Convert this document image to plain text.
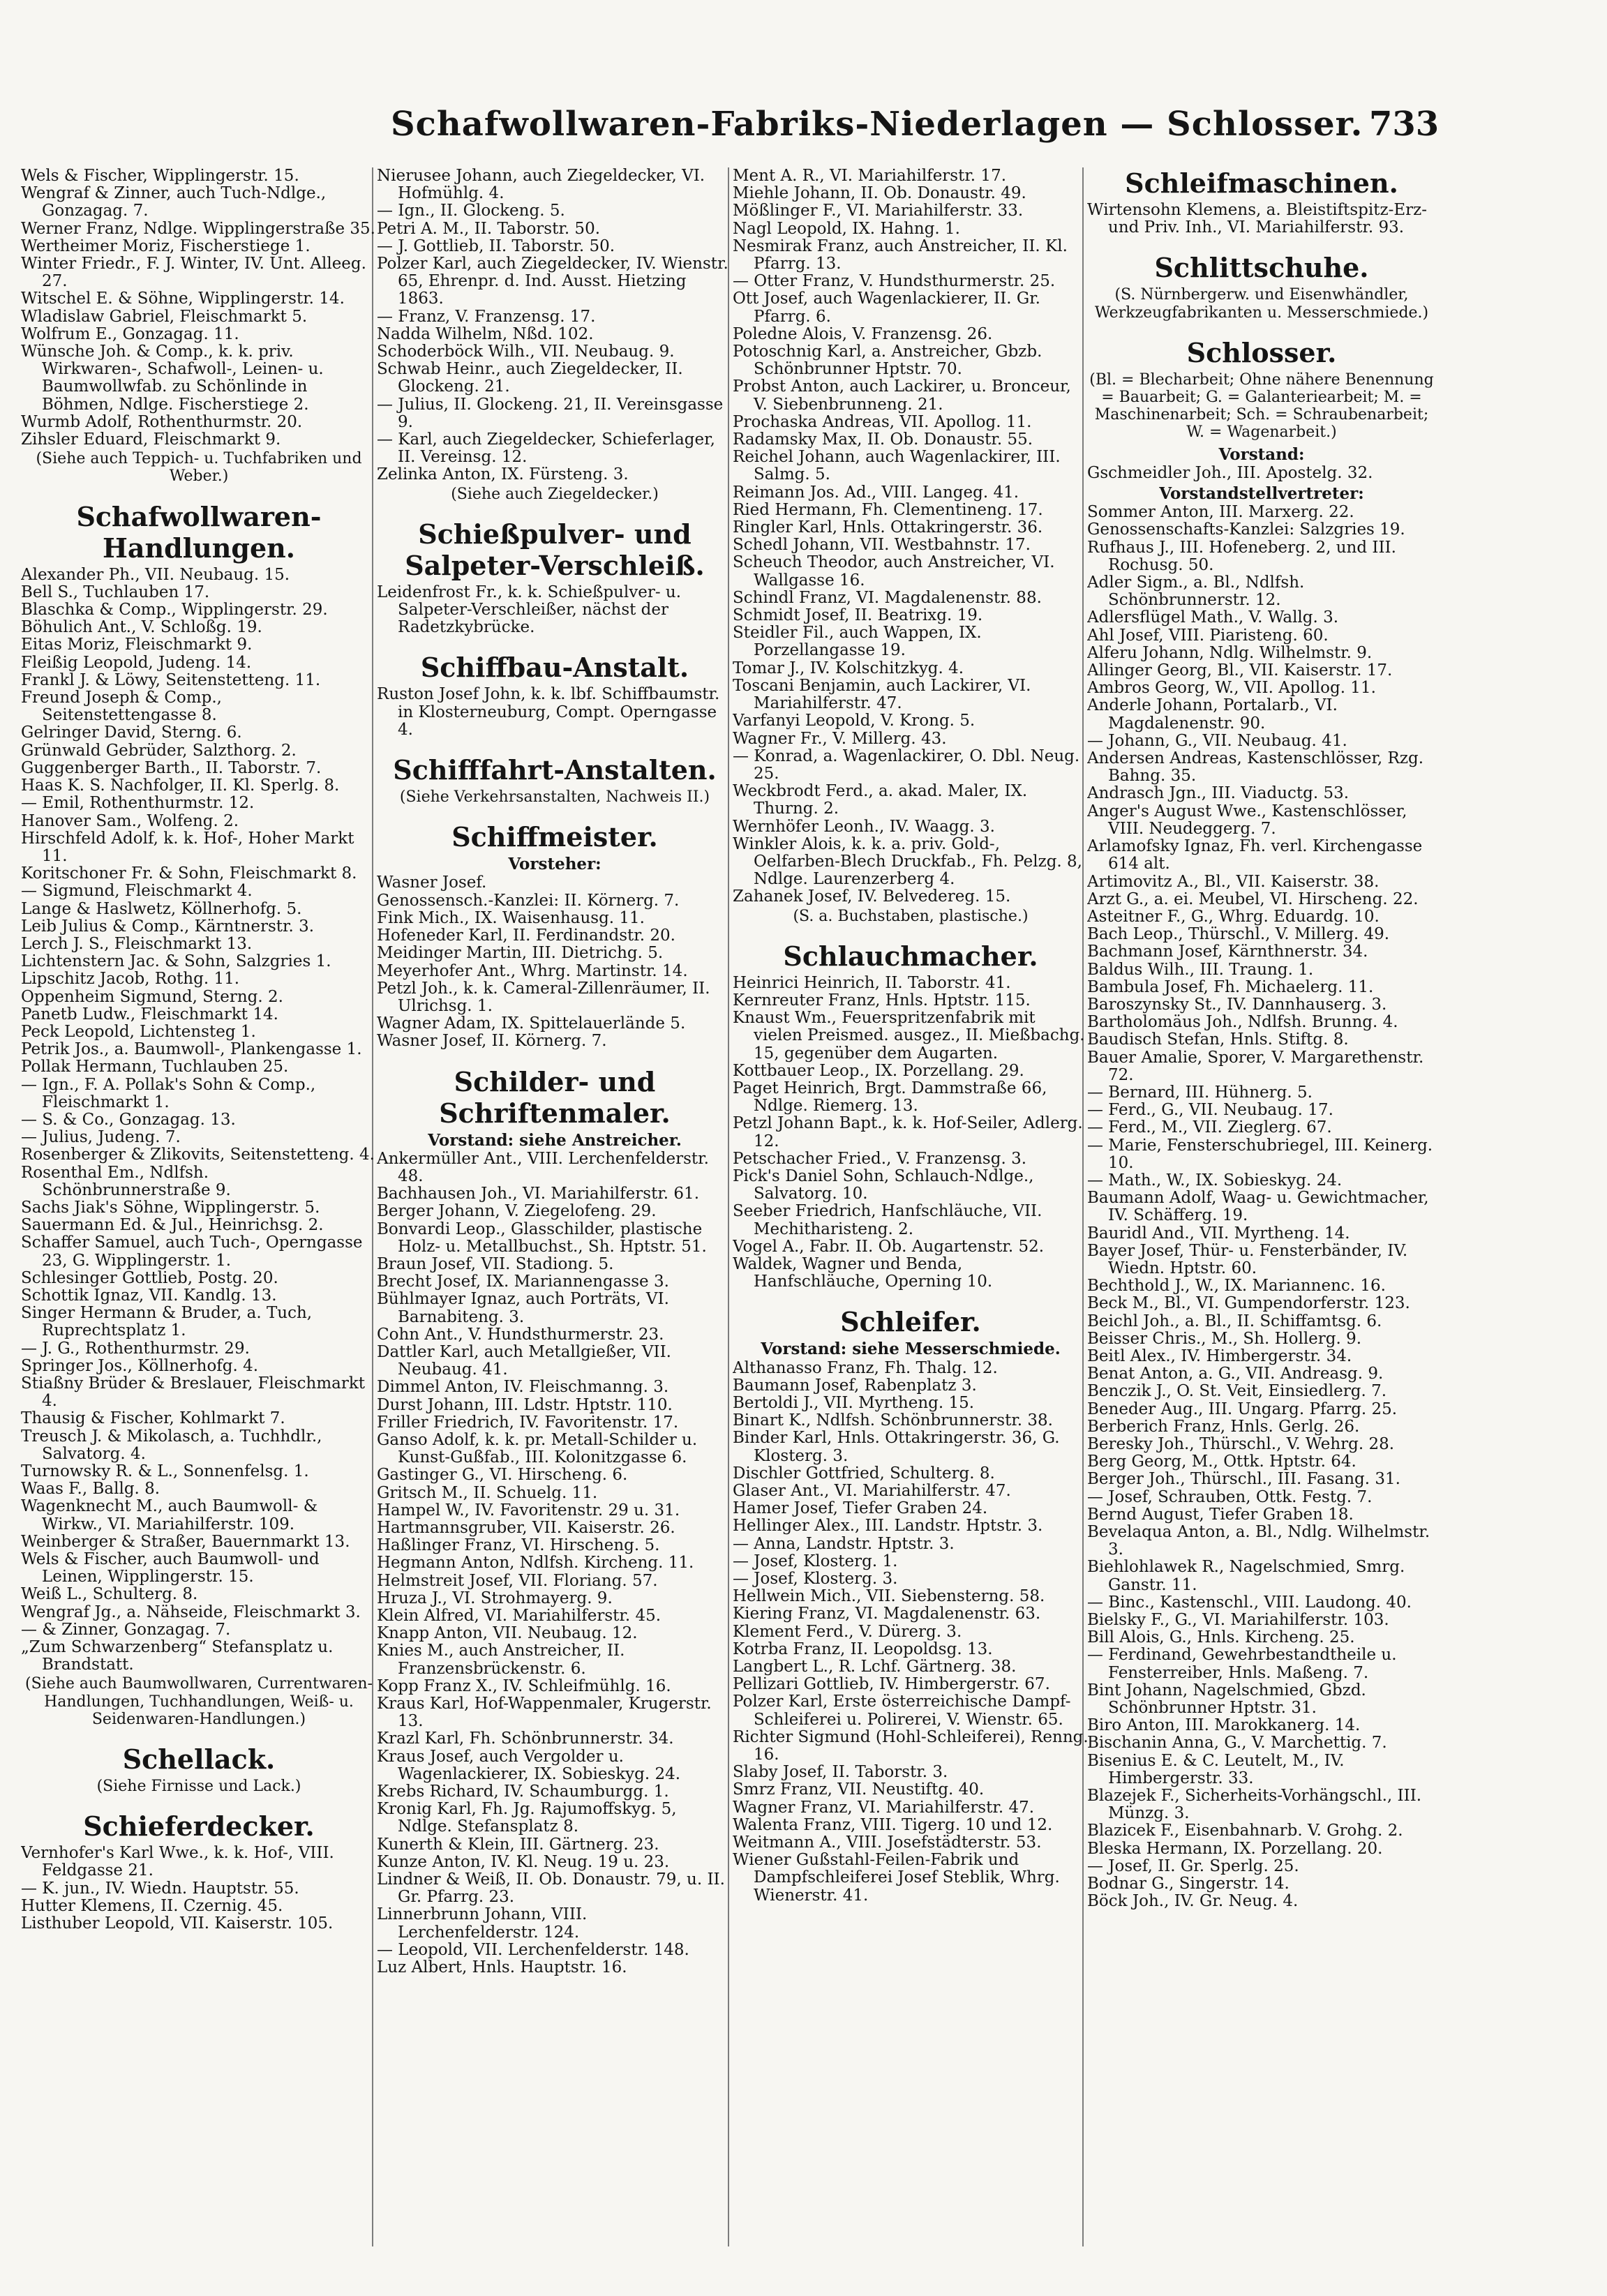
Schafwollwaren-Fabriks-Niederlagen — Schlosser. 733

Wels & Fischer, Wipplingerstr. 15.

Wengraf & Zinner, auch Tuch-Ndlge., Gonzagag. 7.

Werner Franz, Ndlge. Wipplingerstraße 35.

Wertheimer Moriz, Fischerstiege 1.

Winter Friedr., F. J. Winter, IV. Unt. Alleeg. 27.

Witschel E. & Söhne, Wipplingerstr. 14.

Wladislaw Gabriel, Fleischmarkt 5.

Wolfrum E., Gonzagag. 11.

Wünsche Joh. & Comp., k. k. priv. Wirkwaren-, Schafwoll-, Leinen- u. Baumwollwfab. zu Schönlinde in Böhmen, Ndlge. Fischerstiege 2.

Wurmb Adolf, Rothenthurmstr. 20.

Zihsler Eduard, Fleischmarkt 9.

(Siehe auch Teppich- u. Tuchfabriken und Weber.)
Schafwollwaren-Handlungen.

Alexander Ph., VII. Neubaug. 15.

Bell S., Tuchlauben 17.

Blaschka & Comp., Wipplingerstr. 29.

Böhulich Ant., V. Schloßg. 19.

Eitas Moriz, Fleischmarkt 9.

Fleißig Leopold, Judeng. 14.

Frankl J. & Löwy, Seitenstetteng. 11.

Freund Joseph & Comp., Seitenstettengasse 8.

Gelringer David, Sterng. 6.

Grünwald Gebrüder, Salzthorg. 2.

Guggenberger Barth., II. Taborstr. 7.

Haas K. S. Nachfolger, II. Kl. Sperlg. 8.

— Emil, Rothenthurmstr. 12.

Hanover Sam., Wolfeng. 2.

Hirschfeld Adolf, k. k. Hof-, Hoher Markt 11.

Koritschoner Fr. & Sohn, Fleischmarkt 8.

— Sigmund, Fleischmarkt 4.

Lange & Haslwetz, Köllnerhofg. 5.

Leib Julius & Comp., Kärntnerstr. 3.

Lerch J. S., Fleischmarkt 13.

Lichtenstern Jac. & Sohn, Salzgries 1.

Lipschitz Jacob, Rothg. 11.

Oppenheim Sigmund, Sterng. 2.

Panetb Ludw., Fleischmarkt 14.

Peck Leopold, Lichtensteg 1.

Petrik Jos., a. Baumwoll-, Plankengasse 1.

Pollak Hermann, Tuchlauben 25.

— Ign., F. A. Pollak's Sohn & Comp., Fleischmarkt 1.

— S. & Co., Gonzagag. 13.

— Julius, Judeng. 7.

Rosenberger & Zlikovits, Seitenstetteng. 4.

Rosenthal Em., Ndlfsh. Schönbrunnerstraße 9.

Sachs Jiak's Söhne, Wipplingerstr. 5.

Sauermann Ed. & Jul., Heinrichsg. 2.

Schaffer Samuel, auch Tuch-, Operngasse 23, G. Wipplingerstr. 1.

Schlesinger Gottlieb, Postg. 20.

Schottik Ignaz, VII. Kandlg. 13.

Singer Hermann & Bruder, a. Tuch, Ruprechtsplatz 1.

— J. G., Rothenthurmstr. 29.

Springer Jos., Köllnerhofg. 4.

Stiaßny Brüder & Breslauer, Fleischmarkt 4.

Thausig & Fischer, Kohlmarkt 7.

Treusch J. & Mikolasch, a. Tuchhdlr., Salvatorg. 4.

Turnowsky R. & L., Sonnenfelsg. 1.

Waas F., Ballg. 8.

Wagenknecht M., auch Baumwoll- & Wirkw., VI. Mariahilferstr. 109.

Weinberger & Straßer, Bauernmarkt 13.

Wels & Fischer, auch Baumwoll- und Leinen, Wipplingerstr. 15.

Weiß L., Schulterg. 8.

Wengraf Jg., a. Nähseide, Fleischmarkt 3.

— & Zinner, Gonzagag. 7.

„Zum Schwarzenberg“ Stefansplatz u. Brandstatt.

(Siehe auch Baumwollwaren, Currentwaren-Handlungen, Tuchhandlungen, Weiß- u. Seidenwaren-Handlungen.)
Schellack.
(Siehe Firnisse und Lack.)
Schieferdecker.

Vernhofer's Karl Wwe., k. k. Hof-, VIII. Feldgasse 21.

— K. jun., IV. Wiedn. Hauptstr. 55.

Hutter Klemens, II. Czernig. 45.

Listhuber Leopold, VII. Kaiserstr. 105.

Nierusee Johann, auch Ziegeldecker, VI. Hofmühlg. 4.

— Ign., II. Glockeng. 5.

Petri A. M., II. Taborstr. 50.

— J. Gottlieb, II. Taborstr. 50.

Polzer Karl, auch Ziegeldecker, IV. Wienstr. 65, Ehrenpr. d. Ind. Ausst. Hietzing 1863.

— Franz, V. Franzensg. 17.

Nadda Wilhelm, Nßd. 102.

Schoderböck Wilh., VII. Neubaug. 9.

Schwab Heinr., auch Ziegeldecker, II. Glockeng. 21.

— Julius, II. Glockeng. 21, II. Vereinsgasse 9.

— Karl, auch Ziegeldecker, Schieferlager, II. Vereinsg. 12.

Zelinka Anton, IX. Fürsteng. 3.

(Siehe auch Ziegeldecker.)
Schießpulver- und Salpeter-Verschleiß.

Leidenfrost Fr., k. k. Schießpulver- u. Salpeter-Verschleißer, nächst der Radetzkybrücke.

Schiffbau-Anstalt.

Ruston Josef John, k. k. lbf. Schiffbaumstr. in Klosterneuburg, Compt. Operngasse 4.

Schifffahrt-Anstalten.
(Siehe Verkehrsanstalten, Nachweis II.)
Schiffmeister.
Vorsteher:

Wasner Josef.

Genossensch.-Kanzlei: II. Körnerg. 7.

Fink Mich., IX. Waisenhausg. 11.

Hofeneder Karl, II. Ferdinandstr. 20.

Meidinger Martin, III. Dietrichg. 5.

Meyerhofer Ant., Whrg. Martinstr. 14.

Petzl Joh., k. k. Cameral-Zillenräumer, II. Ulrichsg. 1.

Wagner Adam, IX. Spittelauerlände 5.

Wasner Josef, II. Körnerg. 7.

Schilder- und Schriftenmaler.
Vorstand: siehe Anstreicher.

Ankermüller Ant., VIII. Lerchenfelderstr. 48.

Bachhausen Joh., VI. Mariahilferstr. 61.

Berger Johann, V. Ziegelofeng. 29.

Bonvardi Leop., Glasschilder, plastische Holz- u. Metallbuchst., Sh. Hptstr. 51.

Braun Josef, VII. Stadiong. 5.

Brecht Josef, IX. Mariannengasse 3.

Bühlmayer Ignaz, auch Porträts, VI. Barnabiteng. 3.

Cohn Ant., V. Hundsthurmerstr. 23.

Dattler Karl, auch Metallgießer, VII. Neubaug. 41.

Dimmel Anton, IV. Fleischmanng. 3.

Durst Johann, III. Ldstr. Hptstr. 110.

Friller Friedrich, IV. Favoritenstr. 17.

Ganso Adolf, k. k. pr. Metall-Schilder u. Kunst-Gußfab., III. Kolonitzgasse 6.

Gastinger G., VI. Hirscheng. 6.

Gritsch M., II. Schuelg. 11.

Hampel W., IV. Favoritenstr. 29 u. 31.

Hartmannsgruber, VII. Kaiserstr. 26.

Haßlinger Franz, VI. Hirscheng. 5.

Hegmann Anton, Ndlfsh. Kircheng. 11.

Helmstreit Josef, VII. Floriang. 57.

Hruza J., VI. Strohmayerg. 9.

Klein Alfred, VI. Mariahilferstr. 45.

Knapp Anton, VII. Neubaug. 12.

Knies M., auch Anstreicher, II. Franzensbrückenstr. 6.

Kopp Franz X., IV. Schleifmühlg. 16.

Kraus Karl, Hof-Wappenmaler, Krugerstr. 13.

Krazl Karl, Fh. Schönbrunnerstr. 34.

Kraus Josef, auch Vergolder u. Wagenlackierer, IX. Sobieskyg. 24.

Krebs Richard, IV. Schaumburgg. 1.

Kronig Karl, Fh. Jg. Rajumoffskyg. 5, Ndlge. Stefansplatz 8.

Kunerth & Klein, III. Gärtnerg. 23.

Kunze Anton, IV. Kl. Neug. 19 u. 23.

Lindner & Weiß, II. Ob. Donaustr. 79, u. II. Gr. Pfarrg. 23.

Linnerbrunn Johann, VIII. Lerchenfelderstr. 124.

— Leopold, VII. Lerchenfelderstr. 148.

Luz Albert, Hnls. Hauptstr. 16.

Ment A. R., VI. Mariahilferstr. 17.

Miehle Johann, II. Ob. Donaustr. 49.

Mößlinger F., VI. Mariahilferstr. 33.

Nagl Leopold, IX. Hahng. 1.

Nesmirak Franz, auch Anstreicher, II. Kl. Pfarrg. 13.

— Otter Franz, V. Hundsthurmerstr. 25.

Ott Josef, auch Wagenlackierer, II. Gr. Pfarrg. 6.

Poledne Alois, V. Franzensg. 26.

Potoschnig Karl, a. Anstreicher, Gbzb. Schönbrunner Hptstr. 70.

Probst Anton, auch Lackirer, u. Bronceur, V. Siebenbrunneng. 21.

Prochaska Andreas, VII. Apollog. 11.

Radamsky Max, II. Ob. Donaustr. 55.

Reichel Johann, auch Wagenlackirer, III. Salmg. 5.

Reimann Jos. Ad., VIII. Langeg. 41.

Ried Hermann, Fh. Clementineng. 17.

Ringler Karl, Hnls. Ottakringerstr. 36.

Schedl Johann, VII. Westbahnstr. 17.

Scheuch Theodor, auch Anstreicher, VI. Wallgasse 16.

Schindl Franz, VI. Magdalenenstr. 88.

Schmidt Josef, II. Beatrixg. 19.

Steidler Fil., auch Wappen, IX. Porzellangasse 19.

Tomar J., IV. Kolschitzkyg. 4.

Toscani Benjamin, auch Lackirer, VI. Mariahilferstr. 47.

Varfanyi Leopold, V. Krong. 5.

Wagner Fr., V. Millerg. 43.

— Konrad, a. Wagenlackirer, O. Dbl. Neug. 25.

Weckbrodt Ferd., a. akad. Maler, IX. Thurng. 2.

Wernhöfer Leonh., IV. Waagg. 3.

Winkler Alois, k. k. a. priv. Gold-, Oelfarben-Blech Druckfab., Fh. Pelzg. 8, Ndlge. Laurenzerberg 4.

Zahanek Josef, IV. Belvedereg. 15.

(S. a. Buchstaben, plastische.)
Schlauchmacher.

Heinrici Heinrich, II. Taborstr. 41.

Kernreuter Franz, Hnls. Hptstr. 115.

Knaust Wm., Feuerspritzenfabrik mit vielen Preismed. ausgez., II. Mießbachg. 15, gegenüber dem Augarten.

Kottbauer Leop., IX. Porzellang. 29.

Paget Heinrich, Brgt. Dammstraße 66, Ndlge. Riemerg. 13.

Petzl Johann Bapt., k. k. Hof-Seiler, Adlerg. 12.

Petschacher Fried., V. Franzensg. 3.

Pick's Daniel Sohn, Schlauch-Ndlge., Salvatorg. 10.

Seeber Friedrich, Hanfschläuche, VII. Mechitharisteng. 2.

Vogel A., Fabr. II. Ob. Augartenstr. 52.

Waldek, Wagner und Benda, Hanfschläuche, Operning 10.

Schleifer.
Vorstand: siehe Messerschmiede.

Althanasso Franz, Fh. Thalg. 12.

Baumann Josef, Rabenplatz 3.

Bertoldi J., VII. Myrtheng. 15.

Binart K., Ndlfsh. Schönbrunnerstr. 38.

Binder Karl, Hnls. Ottakringerstr. 36, G. Klosterg. 3.

Dischler Gottfried, Schulterg. 8.

Glaser Ant., VI. Mariahilferstr. 47.

Hamer Josef, Tiefer Graben 24.

Hellinger Alex., III. Landstr. Hptstr. 3.

— Anna, Landstr. Hptstr. 3.

— Josef, Klosterg. 1.

— Josef, Klosterg. 3.

Hellwein Mich., VII. Siebensterng. 58.

Kiering Franz, VI. Magdalenenstr. 63.

Klement Ferd., V. Dürerg. 3.

Kotrba Franz, II. Leopoldsg. 13.

Langbert L., R. Lchf. Gärtnerg. 38.

Pellizari Gottlieb, IV. Himbergerstr. 67.

Polzer Karl, Erste österreichische Dampf-Schleiferei u. Polirerei, V. Wienstr. 65.

Richter Sigmund (Hohl-Schleiferei), Renng. 16.

Slaby Josef, II. Taborstr. 3.

Smrz Franz, VII. Neustiftg. 40.

Wagner Franz, VI. Mariahilferstr. 47.

Walenta Franz, VIII. Tigerg. 10 und 12.

Weitmann A., VIII. Josefstädterstr. 53.

Wiener Gußstahl-Feilen-Fabrik und Dampfschleiferei Josef Steblik, Whrg. Wienerstr. 41.

Schleifmaschinen.

Wirtensohn Klemens, a. Bleistiftspitz-Erz- und Priv. Inh., VI. Mariahilferstr. 93.

Schlittschuhe.
(S. Nürnbergerw. und Eisenwhändler, Werkzeugfabrikanten u. Messerschmiede.)
Schlosser.
(Bl. = Blecharbeit; Ohne nähere Benennung = Bauarbeit; G. = Galanteriearbeit; M. = Maschinenarbeit; Sch. = Schraubenarbeit; W. = Wagenarbeit.)
Vorstand:

Gschmeidler Joh., III. Apostelg. 32.

Vorstandstellvertreter:

Sommer Anton, III. Marxerg. 22.

Genossenschafts-Kanzlei: Salzgries 19.

Rufhaus J., III. Hofeneberg. 2, und III. Rochusg. 50.

Adler Sigm., a. Bl., Ndlfsh. Schönbrunnerstr. 12.

Adlersflügel Math., V. Wallg. 3.

Ahl Josef, VIII. Piaristeng. 60.

Alferu Johann, Ndlg. Wilhelmstr. 9.

Allinger Georg, Bl., VII. Kaiserstr. 17.

Ambros Georg, W., VII. Apollog. 11.

Anderle Johann, Portalarb., VI. Magdalenenstr. 90.

— Johann, G., VII. Neubaug. 41.

Andersen Andreas, Kastenschlösser, Rzg. Bahng. 35.

Andrasch Jgn., III. Viaductg. 53.

Anger's August Wwe., Kastenschlösser, VIII. Neudeggerg. 7.

Arlamofsky Ignaz, Fh. verl. Kirchengasse 614 alt.

Artimovitz A., Bl., VII. Kaiserstr. 38.

Arzt G., a. ei. Meubel, VI. Hirscheng. 22.

Asteitner F., G., Whrg. Eduardg. 10.

Bach Leop., Thürschl., V. Millerg. 49.

Bachmann Josef, Kärnthnerstr. 34.

Baldus Wilh., III. Traung. 1.

Bambula Josef, Fh. Michaelerg. 11.

Baroszynsky St., IV. Dannhauserg. 3.

Bartholomäus Joh., Ndlfsh. Brunng. 4.

Baudisch Stefan, Hnls. Stiftg. 8.

Bauer Amalie, Sporer, V. Margarethenstr. 72.

— Bernard, III. Hühnerg. 5.

— Ferd., G., VII. Neubaug. 17.

— Ferd., M., VII. Zieglerg. 67.

— Marie, Fensterschubriegel, III. Keinerg. 10.

— Math., W., IX. Sobieskyg. 24.

Baumann Adolf, Waag- u. Gewichtmacher, IV. Schäfferg. 19.

Bauridl And., VII. Myrtheng. 14.

Bayer Josef, Thür- u. Fensterbänder, IV. Wiedn. Hptstr. 60.

Bechthold J., W., IX. Mariannenc. 16.

Beck M., Bl., VI. Gumpendorferstr. 123.

Beichl Joh., a. Bl., II. Schiffamtsg. 6.

Beisser Chris., M., Sh. Hollerg. 9.

Beitl Alex., IV. Himbergerstr. 34.

Benat Anton, a. G., VII. Andreasg. 9.

Benczik J., O. St. Veit, Einsiedlerg. 7.

Beneder Aug., III. Ungarg. Pfarrg. 25.

Berberich Franz, Hnls. Gerlg. 26.

Beresky Joh., Thürschl., V. Wehrg. 28.

Berg Georg, M., Ottk. Hptstr. 64.

Berger Joh., Thürschl., III. Fasang. 31.

— Josef, Schrauben, Ottk. Festg. 7.

Bernd August, Tiefer Graben 18.

Bevelaqua Anton, a. Bl., Ndlg. Wilhelmstr. 3.

Biehlohlawek R., Nagelschmied, Smrg. Ganstr. 11.

— Binc., Kastenschl., VIII. Laudong. 40.

Bielsky F., G., VI. Mariahilferstr. 103.

Bill Alois, G., Hnls. Kircheng. 25.

— Ferdinand, Gewehrbestandtheile u. Fensterreiber, Hnls. Maßeng. 7.

Bint Johann, Nagelschmied, Gbzd. Schönbrunner Hptstr. 31.

Biro Anton, III. Marokkanerg. 14.

Bischanin Anna, G., V. Marchettig. 7.

Bisenius E. & C. Leutelt, M., IV. Himbergerstr. 33.

Blazejek F., Sicherheits-Vorhängschl., III. Münzg. 3.

Blazicek F., Eisenbahnarb. V. Grohg. 2.

Bleska Hermann, IX. Porzellang. 20.

— Josef, II. Gr. Sperlg. 25.

Bodnar G., Singerstr. 14.

Böck Joh., IV. Gr. Neug. 4.
